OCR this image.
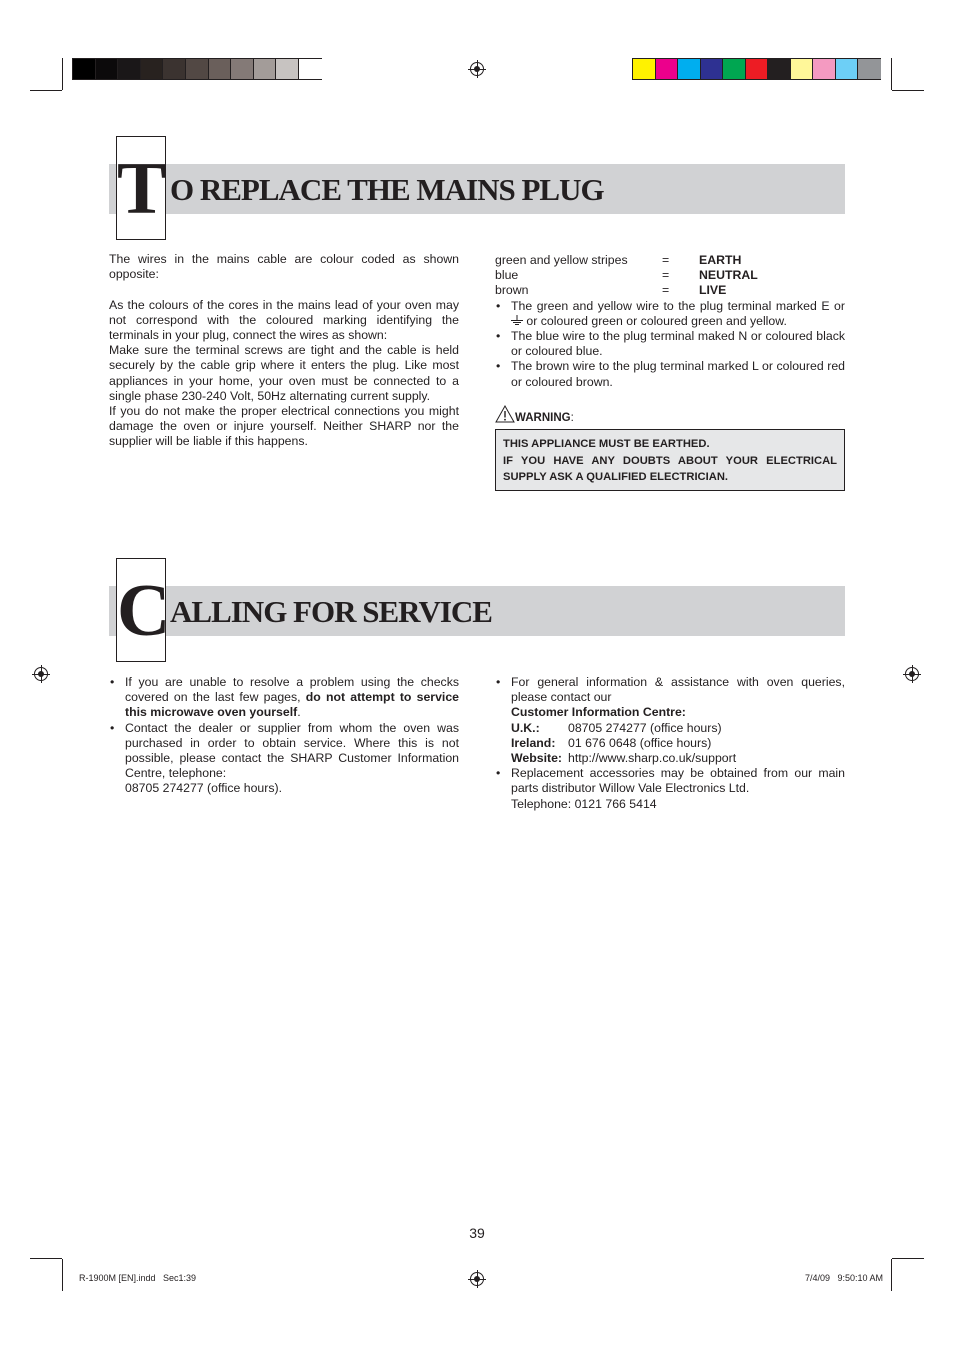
T O REPLACE THE MAINS PLUG

The wires in the mains cable are colour coded as shown opposite:

As the colours of the cores in the mains lead of your oven may not correspond with the coloured marking identifying the terminals in your plug, connect the wires as shown:

Make sure the terminal screws are tight and the cable is held securely by the cable grip where it enters the plug. Like most appliances in your home, your oven must be connected to a single phase 230-240 Volt, 50Hz alternating current supply.

If you do not make the proper electrical connections you might damage the oven or injure yourself. Neither SHARP nor the supplier will be liable if this happens.

green and yellow stripes	=	EARTH
blue	=	NEUTRAL
brown	=	LIVE
• The green and yellow wire to the plug terminal marked E or  or coloured green or coloured green and yellow.
• The blue wire to the plug terminal maked N or coloured black or coloured blue.
• The brown wire to the plug terminal marked L or coloured red or coloured brown.
WARNING:
THIS APPLIANCE MUST BE EARTHED.
IF YOU HAVE ANY DOUBTS ABOUT YOUR ELECTRICAL SUPPLY ASK A QUALIFIED ELECTRICIAN.
C ALLING FOR SERVICE
• If you are unable to resolve a problem using the checks covered on the last few pages, do not attempt to service this microwave oven yourself.
• Contact the dealer or supplier from whom the oven was purchased in order to obtain service. Where this is not possible, please contact the SHARP Customer Information Centre, telephone:
08705 274277 (office hours).
• For general information & assistance with oven queries, please contact our
Customer Information Centre:
U.K.:	08705 274277 (office hours)
Ireland:	01 676 0648 (office hours)
Website:	http://www.sharp.co.uk/support
• Replacement accessories may be obtained from our main parts distributor Willow Vale Electronics Ltd.
Telephone: 0121 766 5414
39
R-1900M [EN].indd   Sec1:39	7/4/09   9:50:10 AM
